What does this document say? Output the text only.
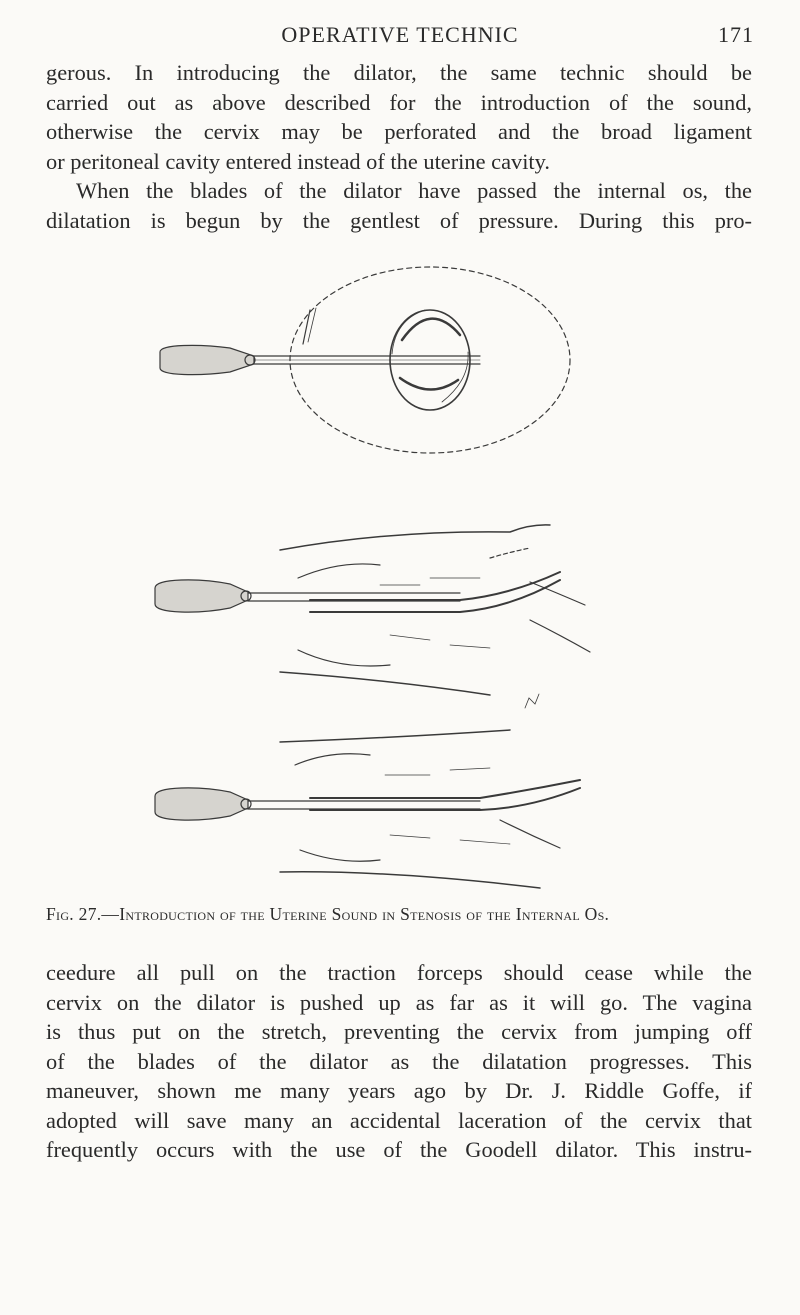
OPERATIVE TECHNIC	171
gerous. In introducing the dilator, the same technic should be
carried out as above described for the introduction of the sound,
otherwise the cervix may be perforated and the broad ligament
or peritoneal cavity entered instead of the uterine cavity.
When the blades of the dilator have passed the internal os, the
dilatation is begun by the gentlest of pressure. During this pro-
Fig. 27.—Introduction of the Uterine Sound in Stenosis of the Internal Os.
ceedure all pull on the traction forceps should cease while the
cervix on the dilator is pushed up as far as it will go. The vagina
is thus put on the stretch, preventing the cervix from jumping off
of the blades of the dilator as the dilatation progresses. This
maneuver, shown me many years ago by Dr. J. Riddle Goffe, if
adopted will save many an accidental laceration of the cervix that
frequently occurs with the use of the Goodell dilator. This instru-
